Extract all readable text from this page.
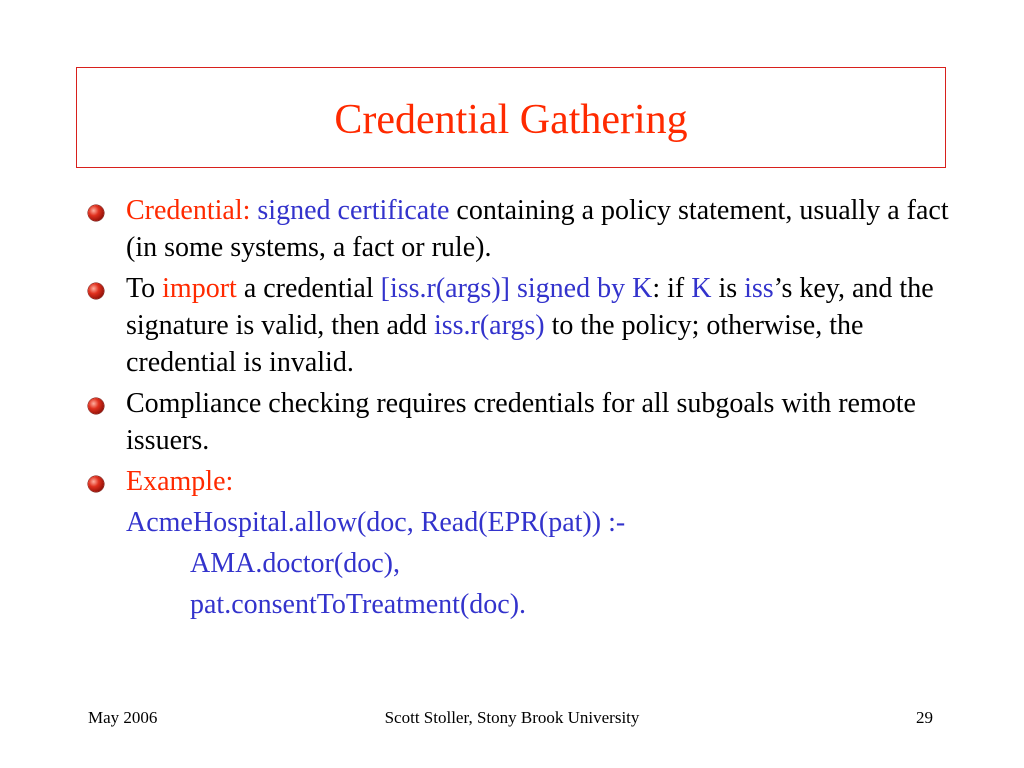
Credential Gathering
Credential: signed certificate containing a policy statement, usually a fact (in some systems, a fact or rule).
To import a credential [iss.r(args)] signed by K: if K is iss’s key, and the signature is valid, then add iss.r(args) to the policy; otherwise, the credential is invalid.
Compliance checking requires credentials for all subgoals with remote issuers.
Example:
AcmeHospital.allow(doc, Read(EPR(pat)) :-
AMA.doctor(doc),
pat.consentToTreatment(doc).
May 2006	Scott Stoller, Stony Brook University	29
